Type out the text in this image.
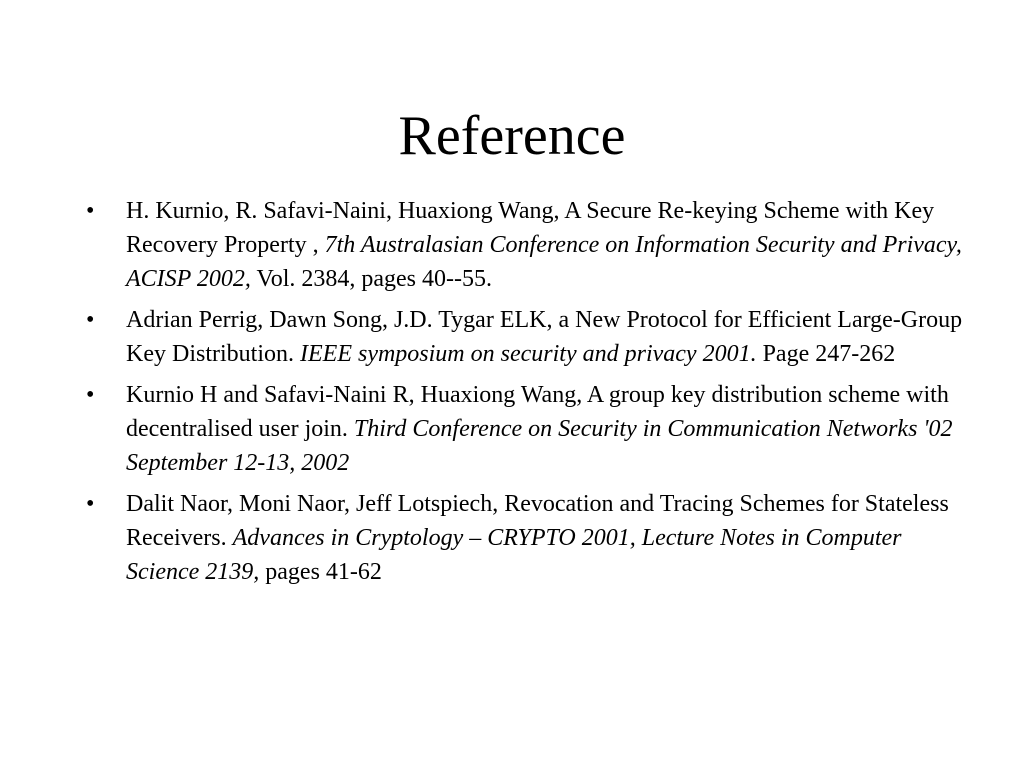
Reference
• H. Kurnio, R. Safavi-Naini, Huaxiong Wang, A Secure Re-keying Scheme with Key Recovery Property , 7th Australasian Conference on Information Security and Privacy, ACISP 2002, Vol. 2384, pages 40--55.
• Adrian Perrig, Dawn Song, J.D. Tygar ELK, a New Protocol for Efficient Large-Group Key Distribution. IEEE symposium on security and privacy 2001. Page 247-262
• Kurnio H and Safavi-Naini R, Huaxiong Wang, A group key distribution scheme with decentralised user join. Third Conference on Security in Communication Networks '02 September 12-13, 2002
• Dalit Naor, Moni Naor, Jeff Lotspiech, Revocation and Tracing Schemes for Stateless Receivers. Advances in Cryptology – CRYPTO 2001, Lecture Notes in Computer Science 2139, pages 41-62
